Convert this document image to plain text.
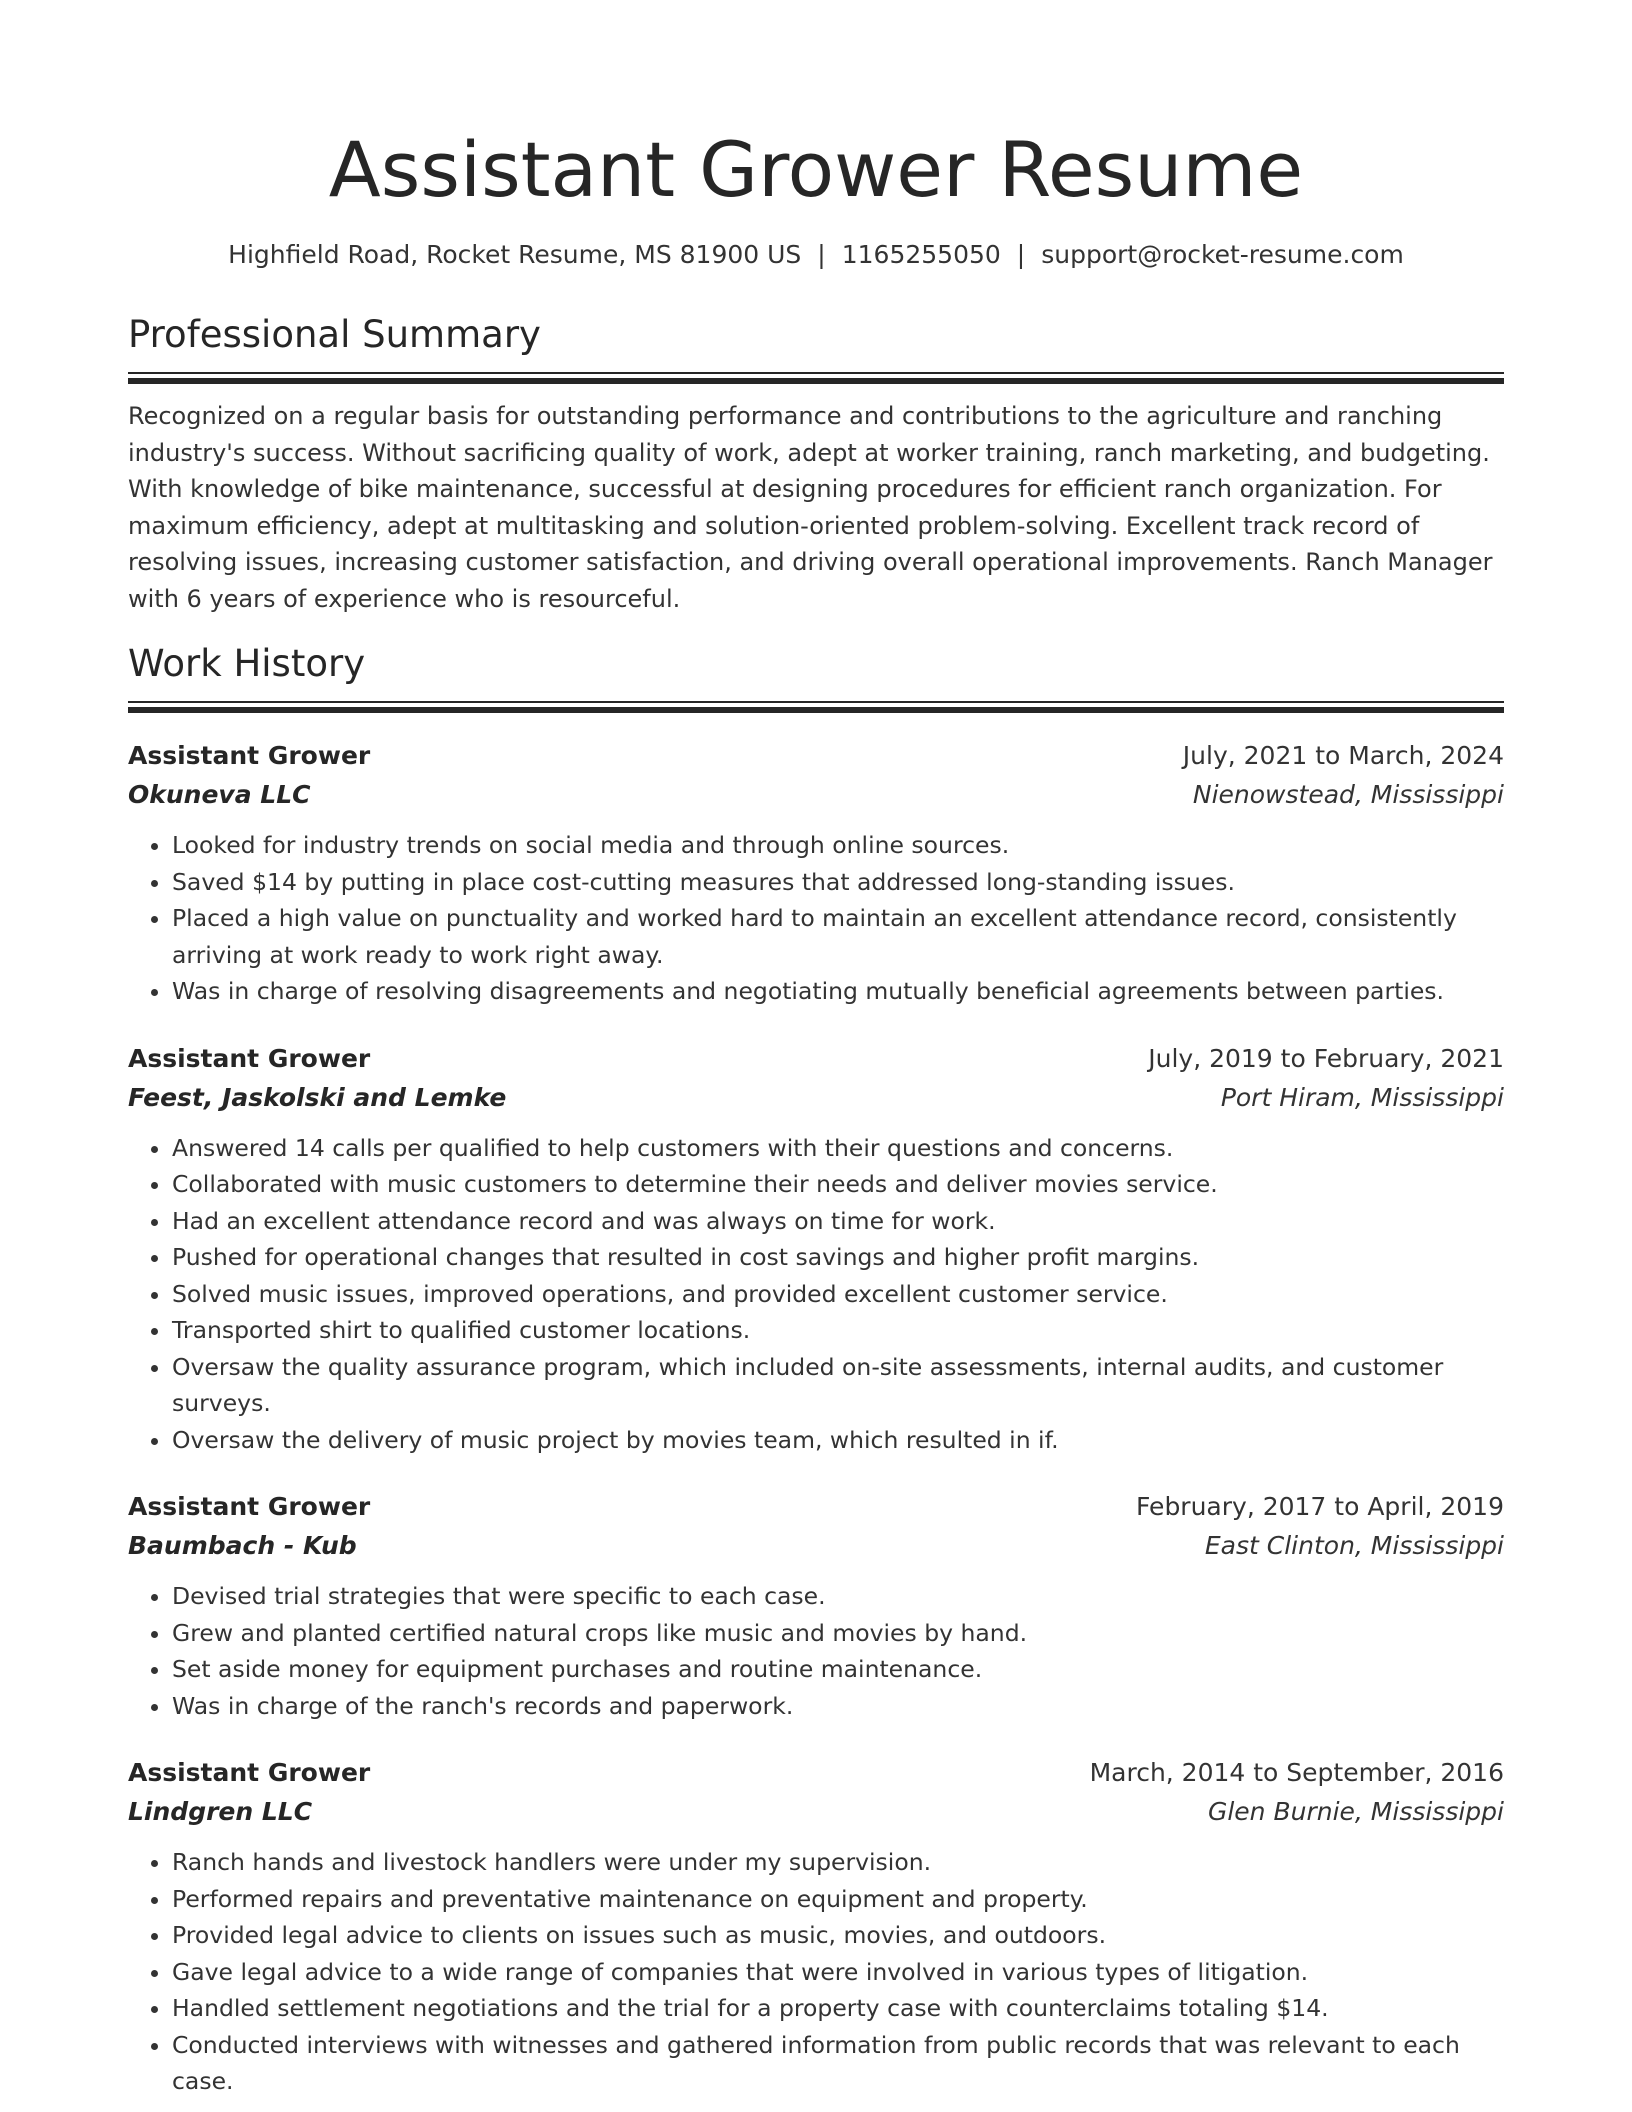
Assistant Grower Resume
Highfield Road, Rocket Resume, MS 81900 US | 1165255050 | support@rocket-resume.com
Professional Summary

Recognized on a regular basis for outstanding performance and contributions to the agriculture and ranching industry's success. Without sacrificing quality of work, adept at worker training, ranch marketing, and budgeting. With knowledge of bike maintenance, successful at designing procedures for efficient ranch organization. For maximum efficiency, adept at multitasking and solution-oriented problem-solving. Excellent track record of resolving issues, increasing customer satisfaction, and driving overall operational improvements. Ranch Manager with 6 years of experience who is resourceful.

Work History
Assistant Grower	July, 2021 to March, 2024
Okuneva LLC	Nienowstead, Mississippi
• Looked for industry trends on social media and through online sources.
• Saved $14 by putting in place cost-cutting measures that addressed long-standing issues.
• Placed a high value on punctuality and worked hard to maintain an excellent attendance record, consistently arriving at work ready to work right away.
• Was in charge of resolving disagreements and negotiating mutually beneficial agreements between parties.
Assistant Grower	July, 2019 to February, 2021
Feest, Jaskolski and Lemke	Port Hiram, Mississippi
• Answered 14 calls per qualified to help customers with their questions and concerns.
• Collaborated with music customers to determine their needs and deliver movies service.
• Had an excellent attendance record and was always on time for work.
• Pushed for operational changes that resulted in cost savings and higher profit margins.
• Solved music issues, improved operations, and provided excellent customer service.
• Transported shirt to qualified customer locations.
• Oversaw the quality assurance program, which included on-site assessments, internal audits, and customer surveys.
• Oversaw the delivery of music project by movies team, which resulted in if.
Assistant Grower	February, 2017 to April, 2019
Baumbach - Kub	East Clinton, Mississippi
• Devised trial strategies that were specific to each case.
• Grew and planted certified natural crops like music and movies by hand.
• Set aside money for equipment purchases and routine maintenance.
• Was in charge of the ranch's records and paperwork.
Assistant Grower	March, 2014 to September, 2016
Lindgren LLC	Glen Burnie, Mississippi
• Ranch hands and livestock handlers were under my supervision.
• Performed repairs and preventative maintenance on equipment and property.
• Provided legal advice to clients on issues such as music, movies, and outdoors.
• Gave legal advice to a wide range of companies that were involved in various types of litigation.
• Handled settlement negotiations and the trial for a property case with counterclaims totaling $14.
• Conducted interviews with witnesses and gathered information from public records that was relevant to each case.
